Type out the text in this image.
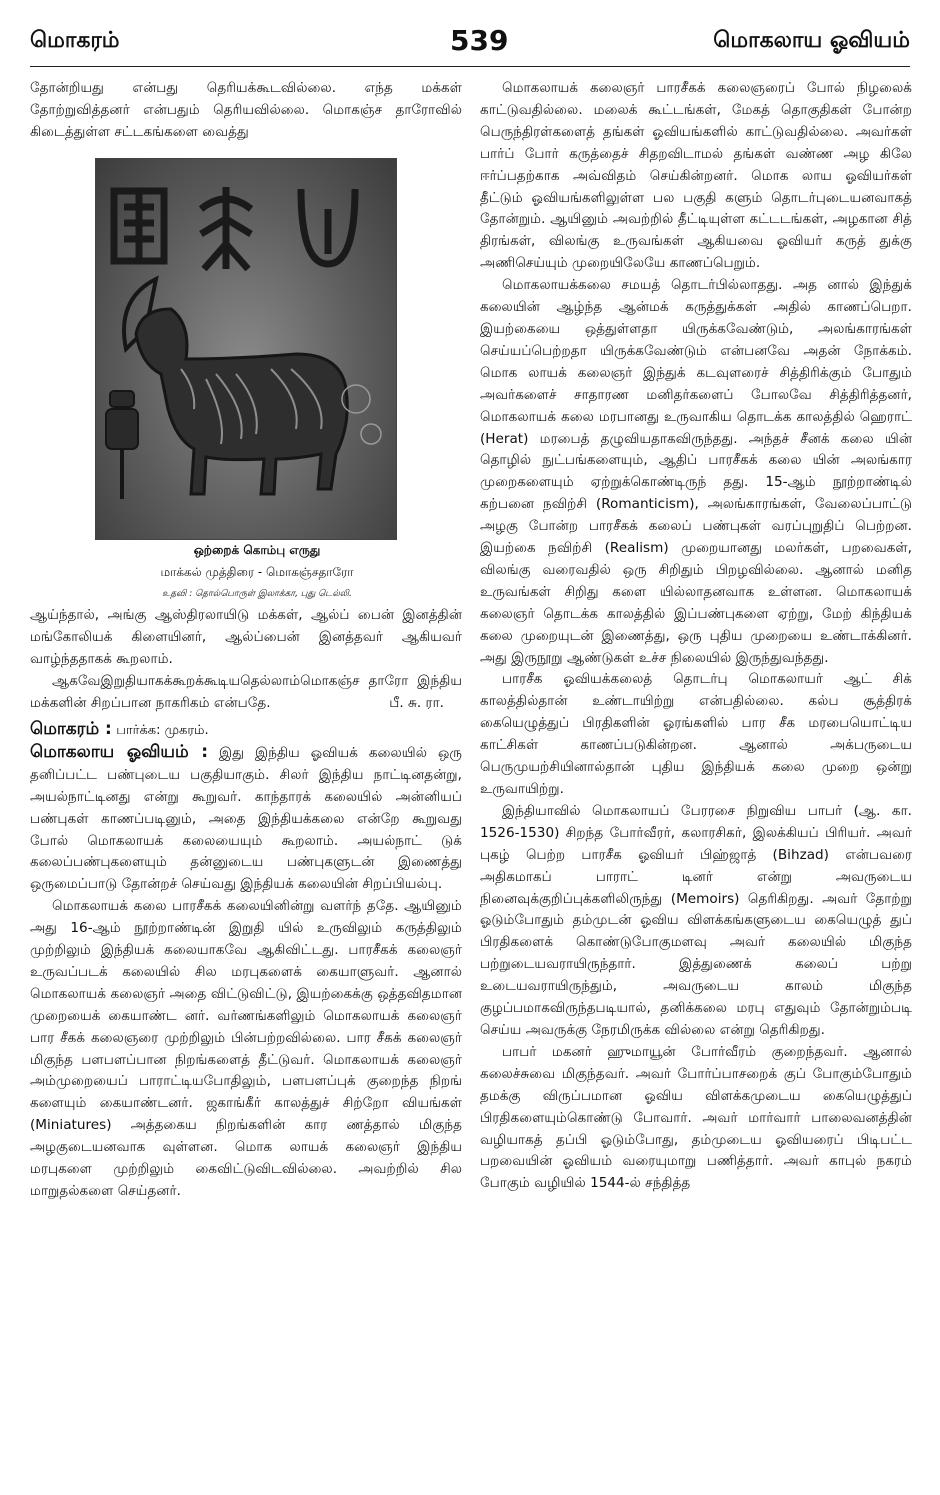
மொகரம்	539	மொகலாய ஓவியம்

தோன்றியது என்பது தெரியக்கூடவில்லை. எந்த மக்கள் தோற்றுவித்தனர் என்பதும் தெரியவில்லை. மொகஞ்ச தாரோவில் கிடைத்துள்ள சட்டகங்களை வைத்து

ஒற்றைக் கொம்பு எருது

மாக்கல் முத்திரை - மொகஞ்சதாரோ

உதவி : தொல்பொருள் இலாக்கா, புது டெல்லி.

ஆய்ந்தால், அங்கு ஆஸ்திரலாயிடு மக்கள், ஆல்ப் பைன் இனத்தின் மங்கோலியக் கிளையினர், ஆல்ப்பைன் இனத்தவர் ஆகியவர் வாழ்ந்ததாகக் கூறலாம்.

ஆகவேஇறுதியாகக்கூறக்கூடியதெல்லாம்மொகஞ்ச தாரோ இந்திய மக்களின் சிறப்பான நாகரிகம் என்பதே.	பீ. சு. ரா.

மொகரம் : பார்க்க: முகரம்.

மொகலாய ஓவியம் : இது இந்திய ஓவியக் கலையில் ஒரு தனிப்பட்ட பண்புடைய பகுதியாகும். சிலர் இந்திய நாட்டினதன்று, அயல்நாட்டினது என்று கூறுவர். காந்தாரக் கலையில் அன்னியப் பண்புகள் காணப்படினும், அதை இந்தியக்கலை என்றே கூறுவது போல் மொகலாயக் கலையையும் கூறலாம். அயல்நாட் டுக் கலைப்பண்புகளையும் தன்னுடைய பண்புகளுடன் இணைத்து ஒருமைப்பாடு தோன்றச் செய்வது இந்தியக் கலையின் சிறப்பியல்பு.

மொகலாயக் கலை பாரசீகக் கலையினின்று வளர்ந் ததே. ஆயினும் அது 16-ஆம் நூற்றாண்டின் இறுதி யில் உருவிலும் கருத்திலும் முற்றிலும் இந்தியக் கலையாகவே ஆகிவிட்டது. பாரசீகக் கலைஞர் உருவப்படக் கலையில் சில மரபுகளைக் கையாளுவர். ஆனால் மொகலாயக் கலைஞர் அதை விட்டுவிட்டு, இயற்கைக்கு ஒத்தவிதமான முறையைக் கையாண்ட னர். வர்ணங்களிலும் மொகலாயக் கலைஞர் பார சீகக் கலைஞரை முற்றிலும் பின்பற்றவில்லை. பார சீகக் கலைஞர் மிகுந்த பளபளப்பான நிறங்களைத் தீட்டுவர். மொகலாயக் கலைஞர் அம்முறையைப் பாராட்டியபோதிலும், பளபளப்புக் குறைந்த நிறங் களையும் கையாண்டனர். ஜகாங்கீர் காலத்துச் சிற்றோ வியங்கள் (Miniatures) அத்தகைய நிறங்களின் கார ணத்தால் மிகுந்த அழகுடையனவாக வுள்ளன. மொக லாயக் கலைஞர் இந்திய மரபுகளை முற்றிலும் கைவிட்டுவிடவில்லை. அவற்றில் சில மாறுதல்களை செய்தனர்.

மொகலாயக் கலைஞர் பாரசீகக் கலைஞரைப் போல் நிழலைக் காட்டுவதில்லை. மலைக் கூட்டங்கள், மேகத் தொகுதிகள் போன்ற பெருந்திரள்களைத் தங்கள் ஓவியங்களில் காட்டுவதில்லை. அவர்கள் பார்ப் போர் கருத்தைச் சிதறவிடாமல் தங்கள் வண்ண அழ கிலே ஈர்ப்பதற்காக அவ்விதம் செய்கின்றனர். மொக லாய ஓவியர்கள் தீட்டும் ஓவியங்களிலுள்ள பல பகுதி களும் தொடர்புடையனவாகத் தோன்றும். ஆயினும் அவற்றில் தீட்டியுள்ள கட்டடங்கள், அழகான சித் திரங்கள், விலங்கு உருவங்கள் ஆகியவை ஓவியர் கருத் துக்கு அணிசெய்யும் முறையிலேயே காணப்பெறும்.

மொகலாயக்கலை சமயத் தொடர்பில்லாதது. அத னால் இந்துக் கலையின் ஆழ்ந்த ஆன்மக் கருத்துக்கள் அதில் காணப்பெறா. இயற்கையை ஒத்துள்ளதா யிருக்கவேண்டும், அலங்காரங்கள் செய்யப்பெற்றதா யிருக்கவேண்டும் என்பனவே அதன் நோக்கம். மொக லாயக் கலைஞர் இந்துக் கடவுளரைச் சித்திரிக்கும் போதும் அவர்களைச் சாதாரண மனிதர்களைப் போலவே சித்திரித்தனர், மொகலாயக் கலை மரபானது உருவாகிய தொடக்க காலத்தில் ஹெராட் (Herat) மரபைத் தழுவியதாகவிருந்தது. அந்தச் சீனக் கலை யின் தொழில் நுட்பங்களையும், ஆதிப் பாரசீகக் கலை யின் அலங்கார முறைகளையும் ஏற்றுக்கொண்டிருந் தது. 15-ஆம் நூற்றாண்டில் கற்பனை நவிற்சி (Romanticism), அலங்காரங்கள், வேலைப்பாட்டு அழகு போன்ற பாரசீகக் கலைப் பண்புகள் வரப்புறுதிப் பெற்றன. இயற்கை நவிற்சி (Realism) முறையானது மலர்கள், பறவைகள், விலங்கு வரைவதில் ஒரு சிறிதும் பிறழவில்லை. ஆனால் மனித உருவங்கள் சிறிது களை யில்லாதனவாக உள்ளன. மொகலாயக் கலைஞர் தொடக்க காலத்தில் இப்பண்புகளை ஏற்று, மேற் கிந்தியக் கலை முறையுடன் இணைத்து, ஒரு புதிய முறையை உண்டாக்கினர். அது இருநூறு ஆண்டுகள் உச்ச நிலையில் இருந்துவந்தது.

பாரசீக ஓவியக்கலைத் தொடர்பு மொகலாயர் ஆட் சிக் காலத்தில்தான் உண்டாயிற்று என்பதில்லை. கல்ப சூத்திரக் கையெழுத்துப் பிரதிகளின் ஓரங்களில் பார சீக மரபையொட்டிய காட்சிகள் காணப்படுகின்றன. ஆனால் அக்பருடைய பெருமுயற்சியினால்தான் புதிய இந்தியக் கலை முறை ஒன்று உருவாயிற்று.

இந்தியாவில் மொகலாயப் பேரரசை நிறுவிய பாபர் (ஆ. கா. 1526-1530) சிறந்த போர்வீரர், கலாரசிகர், இலக்கியப் பிரியர். அவர் புகழ் பெற்ற பாரசீக ஓவியர் பிஹ்ஜாத் (Bihzad) என்பவரை அதிகமாகப் பாராட் டினர் என்று அவருடைய நினைவுக்குறிப்புக்களிலிருந்து (Memoirs) தெரிகிறது. அவர் தோற்று ஓடும்போதும் தம்முடன் ஓவிய விளக்கங்களுடைய கையெழுத் துப் பிரதிகளைக் கொண்டுபோகுமளவு அவர் கலையில் மிகுந்த பற்றுடையவராயிருந்தார். இத்துணைக் கலைப் பற்று உடையவராயிருந்தும், அவருடைய காலம் மிகுந்த குழப்பமாகவிருந்தபடியால், தனிக்கலை மரபு எதுவும் தோன்றும்படி செய்ய அவருக்கு நேரமிருக்க வில்லை என்று தெரிகிறது.

பாபர் மகனர் ஹுமாயூன் போர்வீரம் குறைந்தவர். ஆனால் கலைச்சுவை மிகுந்தவர். அவர் போர்ப்பாசறைக் குப் போகும்போதும் தமக்கு விருப்பமான ஓவிய விளக்கமுடைய கையெழுத்துப் பிரதிகளையும்கொண்டு போவார். அவர் மார்வார் பாலைவனத்தின் வழியாகத் தப்பி ஓடும்போது, தம்முடைய ஓவியரைப் பிடிபட்ட பறவையின் ஓவியம் வரையுமாறு பணித்தார். அவர் காபுல் நகரம் போகும் வழியில் 1544-ல் சந்தித்த
